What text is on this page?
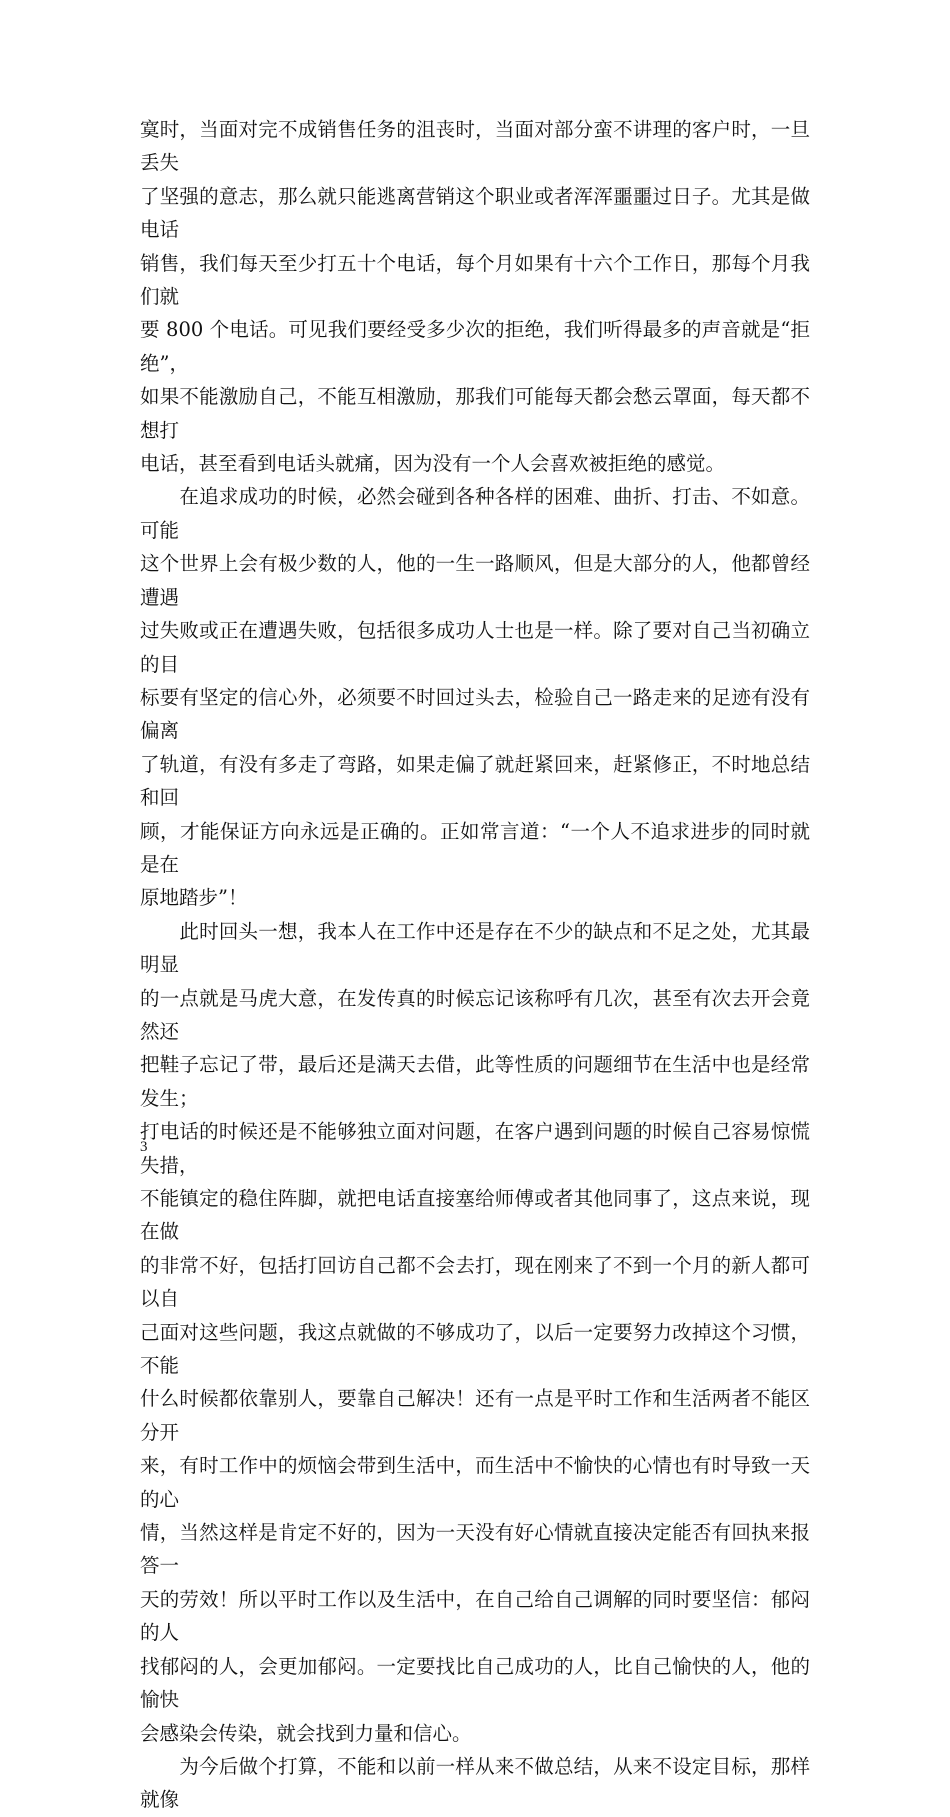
寞时，当面对完不成销售任务的沮丧时，当面对部分蛮不讲理的客户时，一旦丢失

了坚强的意志，那么就只能逃离营销这个职业或者浑浑噩噩过日子。尤其是做电话

销售，我们每天至少打五十个电话，每个月如果有十六个工作日，那每个月我们就

要 800 个电话。可见我们要经受多少次的拒绝，我们听得最多的声音就是“拒绝”，

如果不能激励自己，不能互相激励，那我们可能每天都会愁云罩面，每天都不想打

电话，甚至看到电话头就痛，因为没有一个人会喜欢被拒绝的感觉。

　　在追求成功的时候，必然会碰到各种各样的困难、曲折、打击、不如意。可能

这个世界上会有极少数的人，他的一生一路顺风，但是大部分的人，他都曾经遭遇

过失败或正在遭遇失败，包括很多成功人士也是一样。除了要对自己当初确立的目

标要有坚定的信心外，必须要不时回过头去，检验自己一路走来的足迹有没有偏离

了轨道，有没有多走了弯路，如果走偏了就赶紧回来，赶紧修正，不时地总结和回

顾，才能保证方向永远是正确的。正如常言道：“一个人不追求进步的同时就是在

原地踏步”！

　　此时回头一想，我本人在工作中还是存在不少的缺点和不足之处，尤其最明显

的一点就是马虎大意，在发传真的时候忘记该称呼有几次，甚至有次去开会竟然还

把鞋子忘记了带，最后还是满天去借，此等性质的问题细节在生活中也是经常发生；

打电话的时候还是不能够独立面对问题，在客户遇到问题的时候自己容易惊慌失措，

不能镇定的稳住阵脚，就把电话直接塞给师傅或者其他同事了，这点来说，现在做

的非常不好，包括打回访自己都不会去打，现在刚来了不到一个月的新人都可以自

己面对这些问题，我这点就做的不够成功了，以后一定要努力改掉这个习惯，不能

什么时候都依靠别人，要靠自己解决！还有一点是平时工作和生活两者不能区分开

来，有时工作中的烦恼会带到生活中，而生活中不愉快的心情也有时导致一天的心

情，当然这样是肯定不好的，因为一天没有好心情就直接决定能否有回执来报答一

天的劳效！所以平时工作以及生活中，在自己给自己调解的同时要坚信：郁闷的人

找郁闷的人，会更加郁闷。一定要找比自己成功的人，比自己愉快的人，他的愉快

会感染会传染，就会找到力量和信心。

　　为今后做个打算，不能和以前一样从来不做总结，从来不设定目标，那样就像

3
